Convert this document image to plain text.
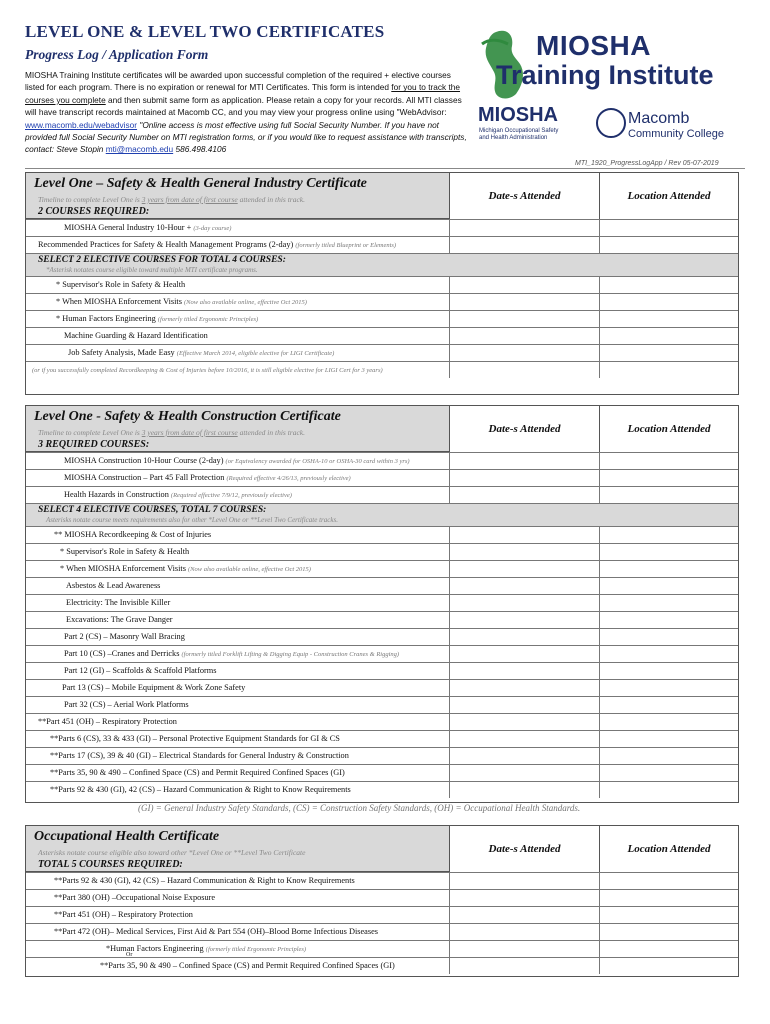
LEVEL ONE & LEVEL TWO CERTIFICATES
Progress Log / Application Form
MIOSHA Training Institute certificates will be awarded upon successful completion of the required + elective courses listed for each program. There is no expiration or renewal for MTI Certificates. This form is intended for you to track the courses you complete and then submit same form as application. Please retain a copy for your records. All MTI classes will have transcript records maintained at Macomb CC, and you may view your progress online using "WebAdvisor: www.macomb.edu/webadvisor "Online access is most effective using full Social Security Number. If you have not provided full Social Security Number on MTI registration forms, or if you would like to request assistance with transcripts, contact: Steve Stopin mti@macomb.edu 586.498.4106
MIOSHA
Training Institute
MIOSHA
Michigan Occupational Safety and Health Administration
Macomb
Community College
MTI_1920_ProgressLogApp / Rev 05-07-2019
Level One – Safety & Health General Industry Certificate
Timeline to complete Level One is 3 years from date of first course attended in this track.
2 COURSES REQUIRED:
Date-s Attended	Location Attended
MIOSHA General Industry 10-Hour + (3-day course)
Recommended Practices for Safety & Health Management Programs (2-day) (formerly titled Blueprint or Elements)
SELECT 2 ELECTIVE COURSES FOR TOTAL 4 COURSES:
*Asterisk notates course eligible toward multiple MTI certificate programs.
* Supervisor's Role in Safety & Health
* When MIOSHA Enforcement Visits (Now also available online, effective Oct 2015)
* Human Factors Engineering (formerly titled Ergonomic Principles)
Machine Guarding & Hazard Identification
Job Safety Analysis, Made Easy (Effective March 2014, eligible elective for LIGI Certificate)
(or if you successfully completed Recordkeeping & Cost of Injuries before 10/2016, it is still eligible elective for LIGI Cert for 3 years)
Level One - Safety & Health Construction Certificate
Timeline to complete Level One is 3 years from date of first course attended in this track.
3 REQUIRED COURSES:
Date-s Attended	Location Attended
MIOSHA Construction 10-Hour Course (2-day) (or Equivalency awarded for OSHA-10 or OSHA-30 card within 3 yrs)
MIOSHA Construction – Part 45 Fall Protection (Required effective 4/26/13, previously elective)
Health Hazards in Construction (Required effective 7/9/12, previously elective)
SELECT 4 ELECTIVE COURSES, TOTAL 7 COURSES:
Asterisks notate course meets requirements also for other *Level One or **Level Two Certificate tracks.
** MIOSHA Recordkeeping & Cost of Injuries
* Supervisor's Role in Safety & Health
* When MIOSHA Enforcement Visits (Now also available online, effective Oct 2015)
Asbestos & Lead Awareness
Electricity: The Invisible Killer
Excavations: The Grave Danger
Part 2 (CS) – Masonry Wall Bracing
Part 10 (CS) –Cranes and Derricks (formerly titled Forklift Lifting & Digging Equip - Construction Cranes & Rigging)
Part 12 (GI) – Scaffolds & Scaffold Platforms
Part 13 (CS) – Mobile Equipment & Work Zone Safety
Part 32 (CS) – Aerial Work Platforms
**Part 451 (OH) – Respiratory Protection
**Parts 6 (CS), 33 & 433 (GI) – Personal Protective Equipment Standards for GI & CS
**Parts 17 (CS), 39 & 40 (GI) – Electrical Standards for General Industry & Construction
**Parts 35, 90 & 490 – Confined Space (CS) and Permit Required Confined Spaces (GI)
**Parts 92 & 430 (GI), 42 (CS) – Hazard Communication & Right to Know Requirements
Occupational Health Certificate
Asterisks notate course eligible also toward other *Level One or **Level Two Certificate
TOTAL 5 COURSES REQUIRED:
Date-s Attended	Location Attended
**Parts 92 & 430 (GI), 42 (CS) – Hazard Communication & Right to Know Requirements
**Part 380 (OH) –Occupational Noise Exposure
**Part 451 (OH) – Respiratory Protection
**Part 472 (OH)– Medical Services, First Aid & Part 554 (OH)–Blood Borne Infectious Diseases
*Human Factors Engineering (formerly titled Ergonomic Principles)
Or
**Parts 35, 90 & 490 – Confined Space (CS) and Permit Required Confined Spaces (GI)
(GI) = General Industry Safety Standards, (CS) = Construction Safety Standards, (OH) = Occupational Health Standards.
